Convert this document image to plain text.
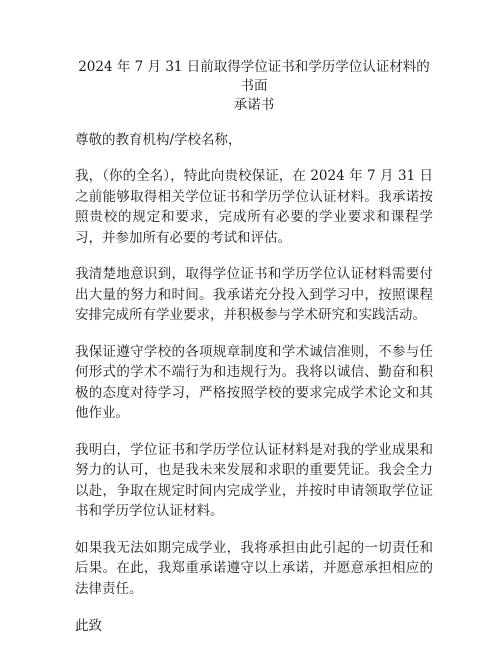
2024 年 7 月 31 日前取得学位证书和学历学位认证材料的书面
承诺书

尊敬的教育机构/学校名称，

我，（你的全名），特此向贵校保证，在 2024 年 7 月 31 日之前能够取得相关学位证书和学历学位认证材料。我承诺按照贵校的规定和要求，完成所有必要的学业要求和课程学习，并参加所有必要的考试和评估。

我清楚地意识到，取得学位证书和学历学位认证材料需要付出大量的努力和时间。我承诺充分投入到学习中，按照课程安排完成所有学业要求，并积极参与学术研究和实践活动。

我保证遵守学校的各项规章制度和学术诚信准则，不参与任何形式的学术不端行为和违规行为。我将以诚信、勤奋和积极的态度对待学习，严格按照学校的要求完成学术论文和其他作业。

我明白，学位证书和学历学位认证材料是对我的学业成果和努力的认可，也是我未来发展和求职的重要凭证。我会全力以赴，争取在规定时间内完成学业，并按时申请领取学位证书和学历学位认证材料。

如果我无法如期完成学业，我将承担由此引起的一切责任和后果。在此，我郑重承诺遵守以上承诺，并愿意承担相应的法律责任。

此致
